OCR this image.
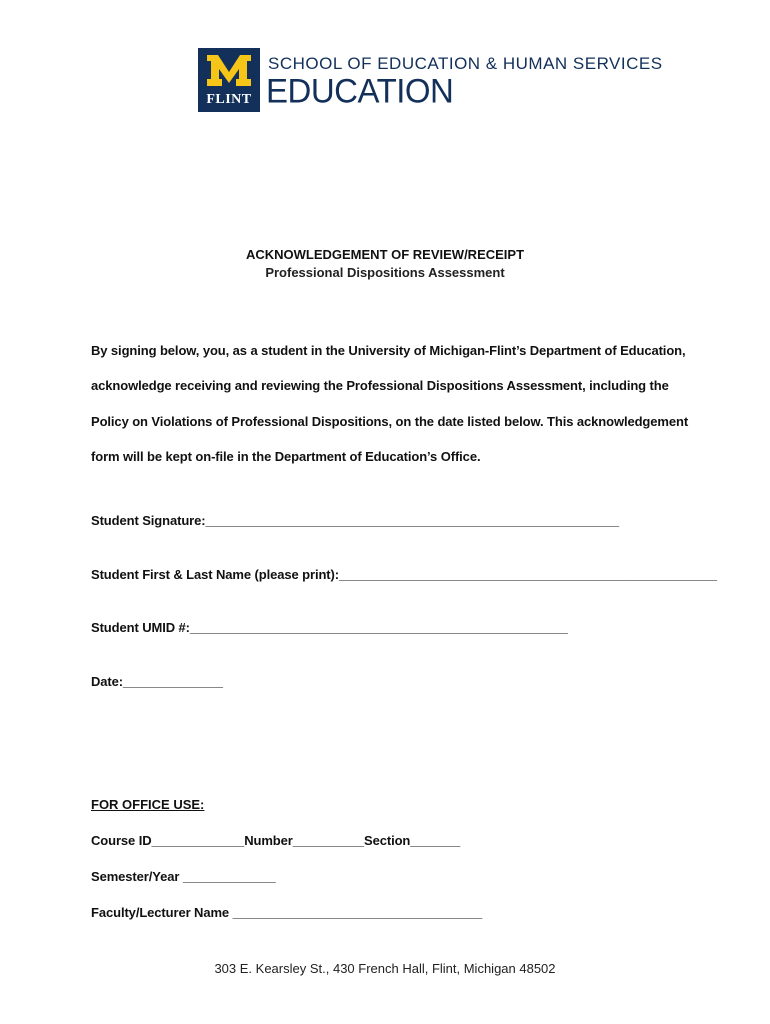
FLINT
SCHOOL OF EDUCATION & HUMAN SERVICES
EDUCATION
ACKNOWLEDGEMENT OF REVIEW/RECEIPT
Professional Dispositions Assessment
By signing below, you, as a student in the University of Michigan-Flint’s Department of Education, acknowledge receiving and reviewing the Professional Dispositions Assessment, including the Policy on Violations of Professional Dispositions, on the date listed below. This acknowledgement form will be kept on-file in the Department of Education’s Office.
Student Signature:__________________________________________________________
Student First & Last Name (please print):_____________________________________________________
Student UMID #:_____________________________________________________
Date:______________
FOR OFFICE USE:
Course ID_____________Number__________Section_______
Semester/Year _____________
Faculty/Lecturer Name ___________________________________
303 E. Kearsley St., 430 French Hall, Flint, Michigan 48502
